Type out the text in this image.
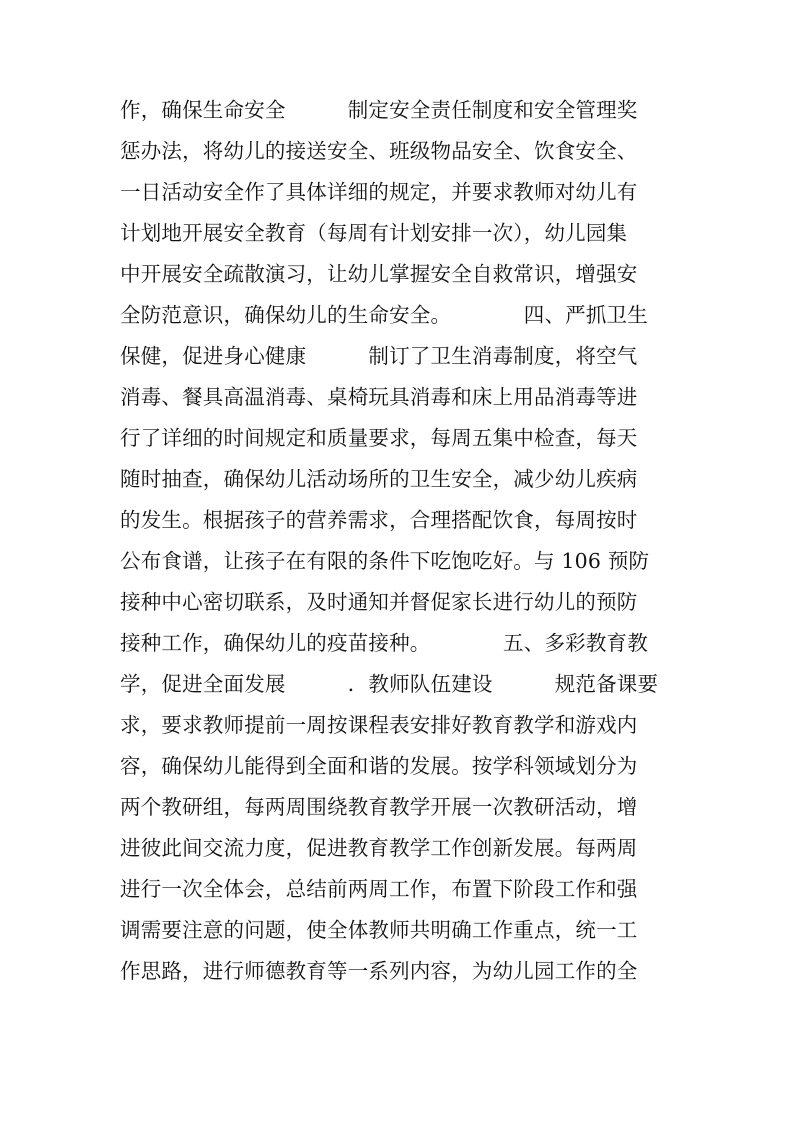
作，确保生命安全　　　制定安全责任制度和安全管理奖
惩办法，将幼儿的接送安全、班级物品安全、饮食安全、
一日活动安全作了具体详细的规定，并要求教师对幼儿有
计划地开展安全教育（每周有计划安排一次），幼儿园集
中开展安全疏散演习，让幼儿掌握安全自救常识，增强安
全防范意识，确保幼儿的生命安全。　　　　四、严抓卫生
保健，促进身心健康　　　制订了卫生消毒制度，将空气
消毒、餐具高温消毒、桌椅玩具消毒和床上用品消毒等进
行了详细的时间规定和质量要求，每周五集中检查，每天
随时抽查，确保幼儿活动场所的卫生安全，减少幼儿疾病
的发生。根据孩子的营养需求，合理搭配饮食，每周按时
公布食谱，让孩子在有限的条件下吃饱吃好。与 106 预防
接种中心密切联系，及时通知并督促家长进行幼儿的预防
接种工作，确保幼儿的疫苗接种。　　　　五、多彩教育教
学，促进全面发展　　　．教师队伍建设　　　规范备课要
求，要求教师提前一周按课程表安排好教育教学和游戏内
容，确保幼儿能得到全面和谐的发展。按学科领域划分为
两个教研组，每两周围绕教育教学开展一次教研活动，增
进彼此间交流力度，促进教育教学工作创新发展。每两周
进行一次全体会，总结前两周工作，布置下阶段工作和强
调需要注意的问题，使全体教师共明确工作重点，统一工
作思路，进行师德教育等一系列内容，为幼儿园工作的全
